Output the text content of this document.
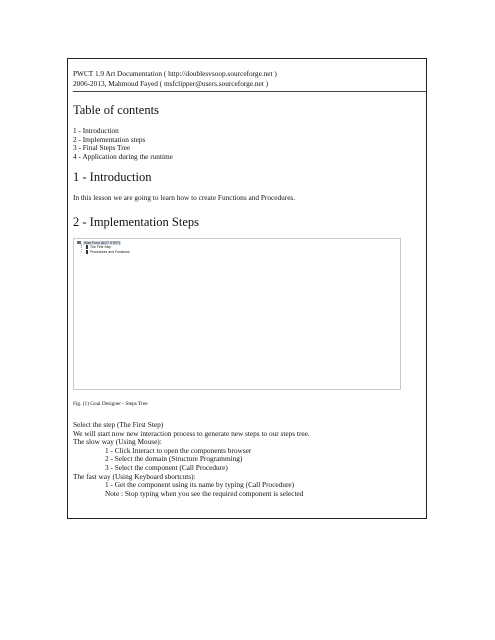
PWCT 1.9 Art Documentation ( http://doublesvsoop.sourceforge.net )
2006-2013, Mahmoud Fayed ( msfclipper@users.sourceforge.net )
Table of contents
1 - Introduction
2 - Implementation steps
3 - Final Steps Tree
4 - Application during the runtime
1 - Introduction
In this lesson we are going to learn how to create Functions and Procedures.
2 - Implementation Steps
Start Point (NOT STEP)
The First Step
Procedures and Functions
Fig. (1) Goal Designer - Steps Tree
Select the step (The First Step)
We will start now new interaction process to generate new steps to our steps tree.
The slow way (Using Mouse):
1 - Click Interact to open the components browser
2 - Select the domain (Structure Programming)
3 - Select the component (Call Procedure)
The fast way (Using Keyboard shortcuts):
1 - Get the component using its name by typing (Call Procedure)
Note : Stop typing when you see the required component is selected
